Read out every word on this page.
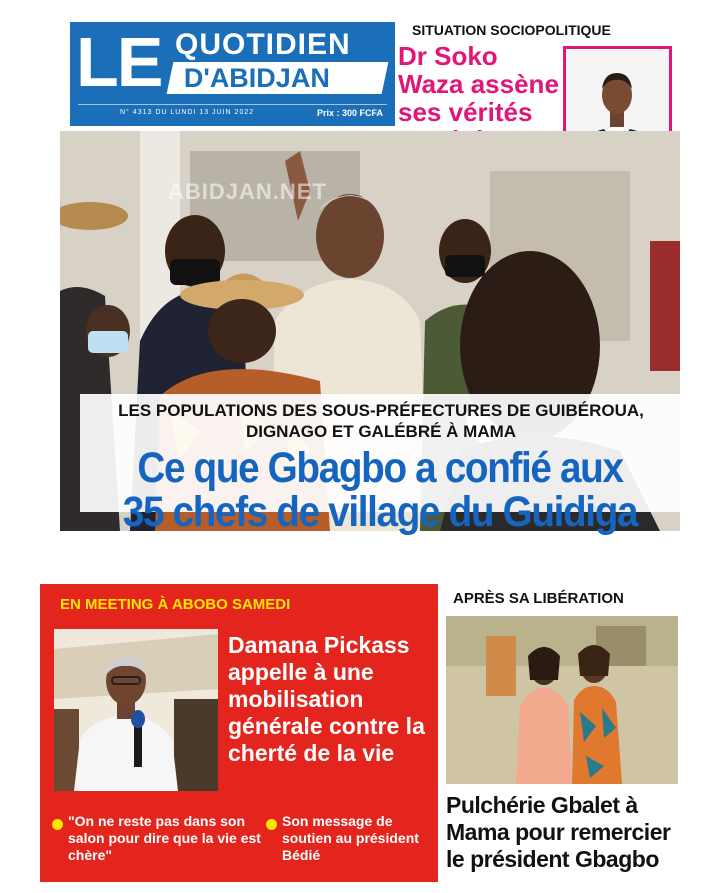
LE QUOTIDIEN
D'ABIDJAN
N° 4313 DU LUNDI 13 JUIN 2022	Prix : 300 FCFA
SITUATION SOCIOPOLITIQUE
Dr Soko Waza assène ses vérités
ABIDJAN.NET
LES POPULATIONS DES SOUS-PRÉFECTURES DE GUIBÉROUA, DIGNAGO ET GALÉBRÉ À MAMA
Ce que Gbagbo a confié aux
35 chefs de village du Guidiga
EN MEETING À ABOBO SAMEDI
Damana Pickass appelle à une mobilisation générale contre la cherté de la vie
"On ne reste pas dans son salon pour dire que la vie est chère"
Son message de soutien au président Bédié
APRÈS SA LIBÉRATION
Pulchérie Gbalet à Mama pour remercier le président Gbagbo
